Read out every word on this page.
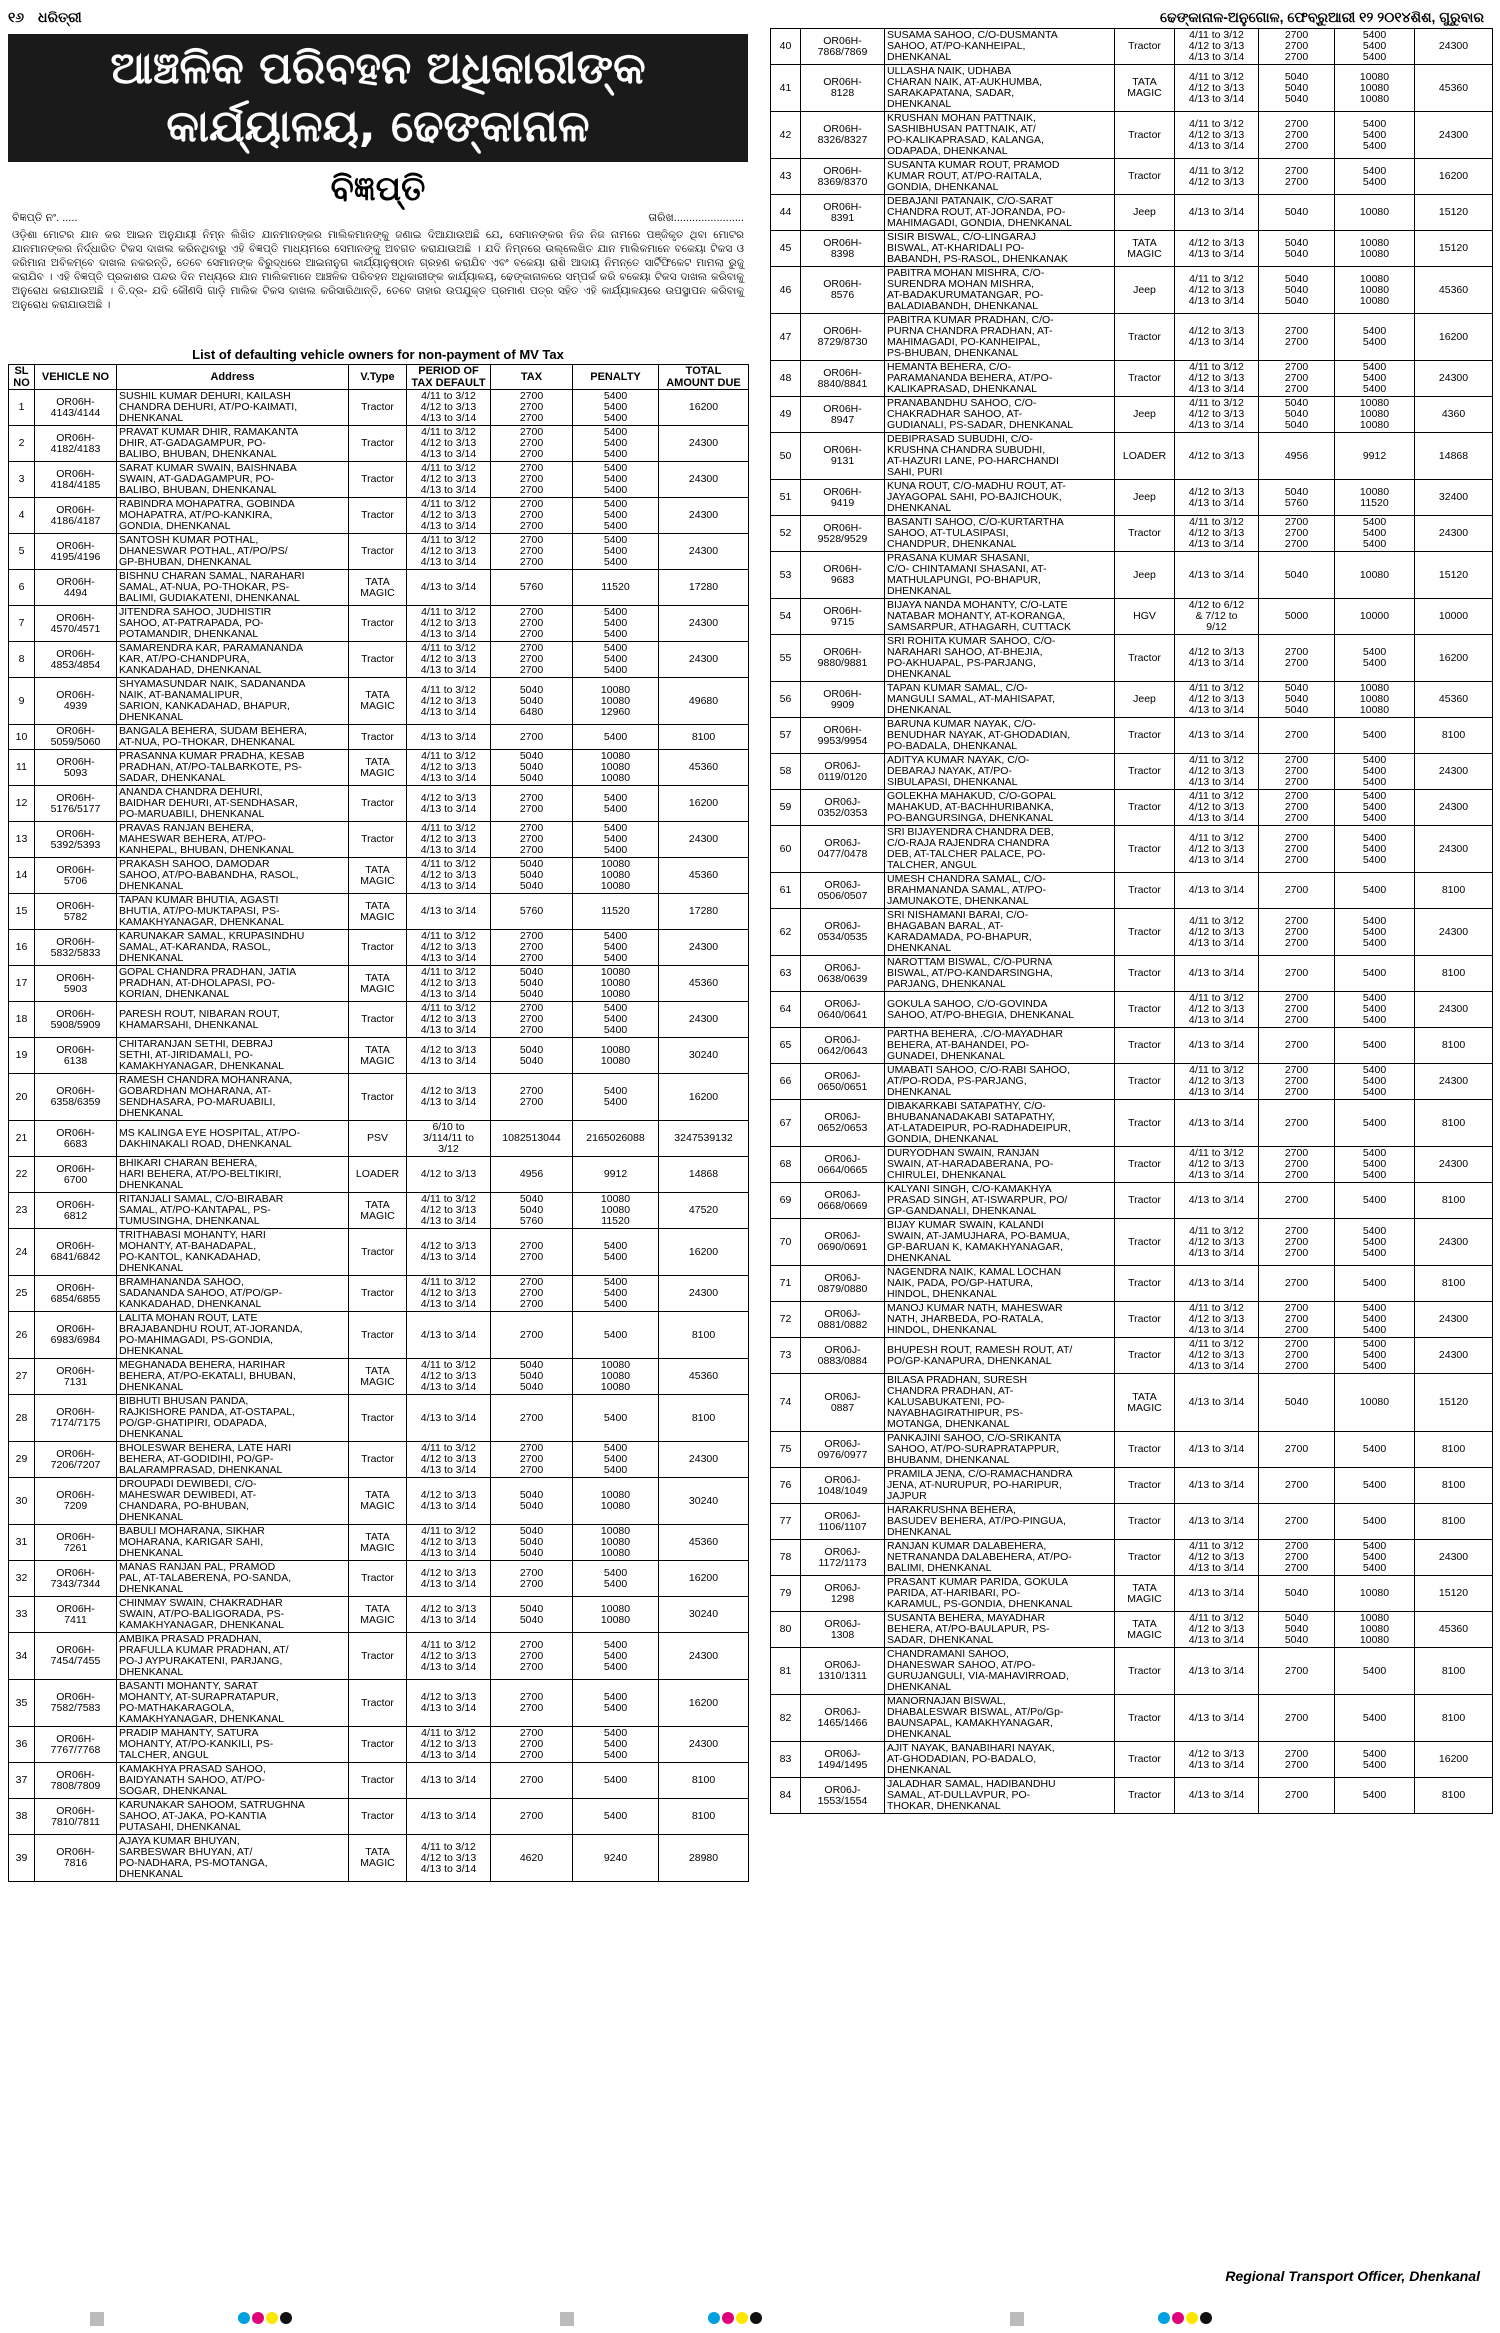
୧୬ ଧରିତ୍ରୀ
ଆଞ୍ଚଳିକ ପରିବହନ ଅଧିକାରୀଙ୍କ
କାର୍ଯ୍ୟାଳୟ, ଢେଙ୍କାନାଳ
ବିଜ୍ଞପ୍ତି
ବିଜ୍ଞପ୍ତି ନଂ. .....	ତାରିଖ.......................
ଓଡ଼ିଶା ମୋଟର ଯାନ କର ଆଇନ ଅନୁଯାୟୀ ନିମ୍ନ ଲିଖିତ ଯାନମାନଙ୍କର ମାଲିକମାନଙ୍କୁ ଜଣାଇ ଦିଆଯାଉଅଛି ଯେ, ସେମାନଙ୍କର ନିଜ ନିଜ ନାମରେ ପଞ୍ଜିକୃତ ଥିବା ମୋଟର ଯାନମାନଙ୍କର ନିର୍ଦ୍ଧାରିତ ଟିକସ ଦାଖଲ କରିନଥିବାରୁ ଏହି ବିଜ୍ଞପ୍ତି ମାଧ୍ୟମରେ ସେମାନଙ୍କୁ ଅବଗତ କରାଯାଉଅଛି । ଯଦି ନିମ୍ନରେ ଉଲ୍ଲେଖିତ ଯାନ ମାଲିକମାନେ ବକେୟା ଟିକସ ଓ ଜରିମାନା ଅବିଳମ୍ବେ ଦାଖଲ ନକରନ୍ତି, ତେବେ ସେମାନଙ୍କ ବିରୁଦ୍ଧରେ ଆଇନାନୁଗ କାର୍ଯ୍ୟାନୁଷ୍ଠାନ ଗ୍ରହଣ କରାଯିବ ଏବଂ ବକେୟା ରାଶି ଆଦାୟ ନିମନ୍ତେ ସାର୍ଟିଫିକେଟ ମାମଲା ରୁଜୁ କରାଯିବ । ଏହି ବିଜ୍ଞପ୍ତି ପ୍ରକାଶର ପନ୍ଦର ଦିନ ମଧ୍ୟରେ ଯାନ ମାଲିକମାନେ ଆଞ୍ଚଳିକ ପରିବହନ ଅଧିକାରୀଙ୍କ କାର୍ଯ୍ୟାଳୟ, ଢେଙ୍କାନାଳରେ ସମ୍ପର୍କ କରି ବକେୟା ଟିକସ ଦାଖଲ କରିବାକୁ ଅନୁରୋଧ କରାଯାଉଅଛି । ବି.ଦ୍ର- ଯଦି କୌଣସି ଗାଡ଼ି ମାଲିକ ଟିକସ ଦାଖଲ କରିସାରିଥାନ୍ତି, ତେବେ ତାହାର ଉପଯୁକ୍ତ ପ୍ରମାଣ ପତ୍ର ସହିତ ଏହି କାର୍ଯ୍ୟାଳୟରେ ଉପସ୍ଥାପନ କରିବାକୁ ଅନୁରୋଧ କରାଯାଉଅଛି ।
List of defaulting vehicle owners for non-payment of MV Tax
SL NO	VEHICLE NO	Address	V.Type	PERIOD OF TAX DEFAULT	TAX	PENALTY	TOTAL AMOUNT DUE

1	OR06H-
4143/4144	SUSHIL KUMAR DEHURI, KAILASH
CHANDRA DEHURI, AT/PO-KAIMATI,
DHENKANAL	Tractor	4/11 to 3/12
4/12 to 3/13
4/13 to 3/14	2700
2700
2700	5400
5400
5400	16200

2	OR06H-
4182/4183	PRAVAT KUMAR DHIR, RAMAKANTA
DHIR, AT-GADAGAMPUR, PO-
BALIBO, BHUBAN, DHENKANAL	Tractor	4/11 to 3/12
4/12 to 3/13
4/13 to 3/14	2700
2700
2700	5400
5400
5400	24300

3	OR06H-
4184/4185	SARAT KUMAR SWAIN, BAISHNABA
SWAIN, AT-GADAGAMPUR, PO-
BALIBO, BHUBAN, DHENKANAL	Tractor	4/11 to 3/12
4/12 to 3/13
4/13 to 3/14	2700
2700
2700	5400
5400
5400	24300

4	OR06H-
4186/4187	RABINDRA MOHAPATRA, GOBINDA
MOHAPATRA, AT/PO-KANKIRA,
GONDIA, DHENKANAL	Tractor	4/11 to 3/12
4/12 to 3/13
4/13 to 3/14	2700
2700
2700	5400
5400
5400	24300

5	OR06H-
4195/4196	SANTOSH KUMAR POTHAL,
DHANESWAR POTHAL, AT/PO/PS/
GP-BHUBAN, DHENKANAL	Tractor	4/11 to 3/12
4/12 to 3/13
4/13 to 3/14	2700
2700
2700	5400
5400
5400	24300

6	OR06H-
4494	BISHNU CHARAN SAMAL, NARAHARI
SAMAL, AT-NUA, PO-THOKAR, PS-
BALIMI, GUDIAKATENI, DHENKANAL	TATA
MAGIC	4/13 to 3/14	5760	11520	17280

7	OR06H-
4570/4571	JITENDRA SAHOO, JUDHISTIR
SAHOO, AT-PATRAPADA, PO-
POTAMANDIR, DHENKANAL	Tractor	4/11 to 3/12
4/12 to 3/13
4/13 to 3/14	2700
2700
2700	5400
5400
5400	24300

8	OR06H-
4853/4854	SAMARENDRA KAR, PARAMANANDA
KAR, AT/PO-CHANDPURA,
KANKADAHAD, DHENKANAL	Tractor	4/11 to 3/12
4/12 to 3/13
4/13 to 3/14	2700
2700
2700	5400
5400
5400	24300

9	OR06H-
4939	SHYAMASUNDAR NAIK, SADANANDA
NAIK, AT-BANAMALIPUR,
SARION, KANKADAHAD, BHAPUR,
DHENKANAL	TATA
MAGIC	4/11 to 3/12
4/12 to 3/13
4/13 to 3/14	5040
5040
6480	10080
10080
12960	49680

10	OR06H-
5059/5060	BANGALA BEHERA, SUDAM BEHERA,
AT-NUA, PO-THOKAR, DHENKANAL	Tractor	4/13 to 3/14	2700	5400	8100

11	OR06H-
5093	PRASANNA KUMAR PRADHA, KESAB
PRADHAN, AT/PO-TALBARKOTE, PS-
SADAR, DHENKANAL	TATA
MAGIC	4/11 to 3/12
4/12 to 3/13
4/13 to 3/14	5040
5040
5040	10080
10080
10080	45360

12	OR06H-
5176/5177	ANANDA CHANDRA DEHURI,
BAIDHAR DEHURI, AT-SENDHASAR,
PO-MARUABILI, DHENKANAL	Tractor	4/12 to 3/13
4/13 to 3/14	2700
2700	5400
5400	16200

13	OR06H-
5392/5393	PRAVAS RANJAN BEHERA,
MAHESWAR BEHERA, AT/PO-
KANHEPAL, BHUBAN, DHENKANAL	Tractor	4/11 to 3/12
4/12 to 3/13
4/13 to 3/14	2700
2700
2700	5400
5400
5400	24300

14	OR06H-
5706	PRAKASH SAHOO, DAMODAR
SAHOO, AT/PO-BABANDHA, RASOL,
DHENKANAL	TATA
MAGIC	4/11 to 3/12
4/12 to 3/13
4/13 to 3/14	5040
5040
5040	10080
10080
10080	45360

15	OR06H-
5782	TAPAN KUMAR BHUTIA, AGASTI
BHUTIA, AT/PO-MUKTAPASI, PS-
KAMAKHYANAGAR, DHENKANAL	TATA
MAGIC	4/13 to 3/14	5760	11520	17280

16	OR06H-
5832/5833	KARUNAKAR SAMAL, KRUPASINDHU
SAMAL, AT-KARANDA, RASOL,
DHENKANAL	Tractor	4/11 to 3/12
4/12 to 3/13
4/13 to 3/14	2700
2700
2700	5400
5400
5400	24300

17	OR06H-
5903	GOPAL CHANDRA PRADHAN, JATIA
PRADHAN, AT-DHOLAPASI, PO-
KORIAN, DHENKANAL	TATA
MAGIC	4/11 to 3/12
4/12 to 3/13
4/13 to 3/14	5040
5040
5040	10080
10080
10080	45360

18	OR06H-
5908/5909	PARESH ROUT, NIBARAN ROUT,
KHAMARSAHI, DHENKANAL	Tractor	4/11 to 3/12
4/12 to 3/13
4/13 to 3/14	2700
2700
2700	5400
5400
5400	24300

19	OR06H-
6138	CHITARANJAN SETHI, DEBRAJ
SETHI, AT-JIRIDAMALI, PO-
KAMAKHYANAGAR, DHENKANAL	TATA
MAGIC	4/12 to 3/13
4/13 to 3/14	5040
5040	10080
10080	30240

20	OR06H-
6358/6359	RAMESH CHANDRA MOHANRANA,
GOBARDHAN MOHARANA, AT-
SENDHASARA, PO-MARUABILI,
DHENKANAL	Tractor	4/12 to 3/13
4/13 to 3/14	2700
2700	5400
5400	16200

21	OR06H-
6683	MS KALINGA EYE HOSPITAL, AT/PO-
DAKHINAKALI ROAD, DHENKANAL	PSV	6/10 to
3/114/11 to
3/12	1082513044	2165026088	3247539132

22	OR06H-
6700	BHIKARI CHARAN BEHERA,
HARI BEHERA, AT/PO-BELTIKIRI,
DHENKANAL	LOADER	4/12 to 3/13	4956	9912	14868

23	OR06H-
6812	RITANJALI SAMAL, C/O-BIRABAR
SAMAL, AT/PO-KANTAPAL, PS-
TUMUSINGHA, DHENKANAL	TATA
MAGIC	4/11 to 3/12
4/12 to 3/13
4/13 to 3/14	5040
5040
5760	10080
10080
11520	47520

24	OR06H-
6841/6842	TRITHABASI MOHANTY, HARI
MOHANTY, AT-BAHADAPAL,
PO-KANTOL, KANKADAHAD,
DHENKANAL	Tractor	4/12 to 3/13
4/13 to 3/14	2700
2700	5400
5400	16200

25	OR06H-
6854/6855	BRAMHANANDA SAHOO,
SADANANDA SAHOO, AT/PO/GP-
KANKADAHAD, DHENKANAL	Tractor	4/11 to 3/12
4/12 to 3/13
4/13 to 3/14	2700
2700
2700	5400
5400
5400	24300

26	OR06H-
6983/6984	LALITA MOHAN ROUT, LATE
BRAJABANDHU ROUT, AT-JORANDA,
PO-MAHIMAGADI, PS-GONDIA,
DHENKANAL	Tractor	4/13 to 3/14	2700	5400	8100

27	OR06H-
7131	MEGHANADA BEHERA, HARIHAR
BEHERA, AT/PO-EKATALI, BHUBAN,
DHENKANAL	TATA
MAGIC	4/11 to 3/12
4/12 to 3/13
4/13 to 3/14	5040
5040
5040	10080
10080
10080	45360

28	OR06H-
7174/7175	BIBHUTI BHUSAN PANDA,
RAJKISHORE PANDA, AT-OSTAPAL,
PO/GP-GHATIPIRI, ODAPADA,
DHENKANAL	Tractor	4/13 to 3/14	2700	5400	8100

29	OR06H-
7206/7207	BHOLESWAR BEHERA, LATE HARI
BEHERA, AT-GODIDIHI, PO/GP-
BALARAMPRASAD, DHENKANAL	Tractor	4/11 to 3/12
4/12 to 3/13
4/13 to 3/14	2700
2700
2700	5400
5400
5400	24300

30	OR06H-
7209	DROUPADI DEWIBEDI, C/O-
MAHESWAR DEWIBEDI, AT-
CHANDARA, PO-BHUBAN,
DHENKANAL	TATA
MAGIC	4/12 to 3/13
4/13 to 3/14	5040
5040	10080
10080	30240

31	OR06H-
7261	BABULI MOHARANA, SIKHAR
MOHARANA, KARIGAR SAHI,
DHENKANAL	TATA
MAGIC	4/11 to 3/12
4/12 to 3/13
4/13 to 3/14	5040
5040
5040	10080
10080
10080	45360

32	OR06H-
7343/7344	MANAS RANJAN PAL, PRAMOD
PAL, AT-TALABERENA, PO-SANDA,
DHENKANAL	Tractor	4/12 to 3/13
4/13 to 3/14	2700
2700	5400
5400	16200

33	OR06H-
7411	CHINMAY SWAIN, CHAKRADHAR
SWAIN, AT/PO-BALIGORADA, PS-
KAMAKHYANAGAR, DHENKANAL	TATA
MAGIC	4/12 to 3/13
4/13 to 3/14	5040
5040	10080
10080	30240

34	OR06H-
7454/7455	AMBIKA PRASAD PRADHAN,
PRAFULLA KUMAR PRADHAN, AT/
PO-J AYPURAKATENI, PARJANG,
DHENKANAL	Tractor	4/11 to 3/12
4/12 to 3/13
4/13 to 3/14	2700
2700
2700	5400
5400
5400	24300

35	OR06H-
7582/7583	BASANTI MOHANTY, SARAT
MOHANTY, AT-SURAPRATAPUR,
PO-MATHAKARAGOLA,
KAMAKHYANAGAR, DHENKANAL	Tractor	4/12 to 3/13
4/13 to 3/14	2700
2700	5400
5400	16200

36	OR06H-
7767/7768	PRADIP MAHANTY, SATURA
MOHANTY, AT/PO-KANKILI, PS-
TALCHER, ANGUL	Tractor	4/11 to 3/12
4/12 to 3/13
4/13 to 3/14	2700
2700
2700	5400
5400
5400	24300

37	OR06H-
7808/7809	KAMAKHYA PRASAD SAHOO,
BAIDYANATH SAHOO, AT/PO-
SOGAR, DHENKANAL	Tractor	4/13 to 3/14	2700	5400	8100

38	OR06H-
7810/7811	KARUNAKAR SAHOOM, SATRUGHNA
SAHOO, AT-JAKA, PO-KANTIA
PUTASAHI, DHENKANAL	Tractor	4/13 to 3/14	2700	5400	8100

39	OR06H-
7816	AJAYA KUMAR BHUYAN,
SARBESWAR BHUYAN, AT/
PO-NADHARA, PS-MOTANGA,
DHENKANAL	TATA
MAGIC	4/11 to 3/12
4/12 to 3/13
4/13 to 3/14	4620	9240	28980
ଢେଙ୍କାନାଳ-ଅନୁଗୋଳ, ଫେବ୍ରୁଆରୀ ୧୨ ୨୦୧୪ଶିଶ, ଗୁରୁବାର
40	OR06H-
7868/7869	SUSAMA SAHOO, C/O-DUSMANTA
SAHOO, AT/PO-KANHEIPAL,
DHENKANAL	Tractor	4/11 to 3/12
4/12 to 3/13
4/13 to 3/14	2700
2700
2700	5400
5400
5400	24300

41	OR06H-
8128	ULLASHA NAIK, UDHABA
CHARAN NAIK, AT-AUKHUMBA,
SARAKAPATANA, SADAR,
DHENKANAL	TATA
MAGIC	4/11 to 3/12
4/12 to 3/13
4/13 to 3/14	5040
5040
5040	10080
10080
10080	45360

42	OR06H-
8326/8327	KRUSHAN MOHAN PATTNAIK,
SASHIBHUSAN PATTNAIK, AT/
PO-KALIKAPRASAD, KALANGA,
ODAPADA, DHENKANAL	Tractor	4/11 to 3/12
4/12 to 3/13
4/13 to 3/14	2700
2700
2700	5400
5400
5400	24300

43	OR06H-
8369/8370	SUSANTA KUMAR ROUT, PRAMOD
KUMAR ROUT, AT/PO-RAITALA,
GONDIA, DHENKANAL	Tractor	4/11 to 3/12
4/12 to 3/13	2700
2700	5400
5400	16200

44	OR06H-
8391	DEBAJANI PATANAIK, C/O-SARAT
CHANDRA ROUT, AT-JORANDA, PO-
MAHIMAGADI, GONDIA, DHENKANAL	Jeep	4/13 to 3/14	5040	10080	15120

45	OR06H-
8398	SISIR BISWAL, C/O-LINGARAJ
BISWAL, AT-KHARIDALI PO-
BABANDH, PS-RASOL, DHENKANAK	TATA
MAGIC	4/12 to 3/13
4/13 to 3/14	5040
5040	10080
10080	15120

46	OR06H-
8576	PABITRA MOHAN MISHRA, C/O-
SURENDRA MOHAN MISHRA,
AT-BADAKURUMATANGAR, PO-
BALADIABANDH, DHENKANAL	Jeep	4/11 to 3/12
4/12 to 3/13
4/13 to 3/14	5040
5040
5040	10080
10080
10080	45360

47	OR06H-
8729/8730	PABITRA KUMAR PRADHAN, C/O-
PURNA CHANDRA PRADHAN, AT-
MAHIMAGADI, PO-KANHEIPAL,
PS-BHUBAN, DHENKANAL	Tractor	4/12 to 3/13
4/13 to 3/14	2700
2700	5400
5400	16200

48	OR06H-
8840/8841	HEMANTA BEHERA, C/O-
PARAMANANDA BEHERA, AT/PO-
KALIKAPRASAD, DHENKANAL	Tractor	4/11 to 3/12
4/12 to 3/13
4/13 to 3/14	2700
2700
2700	5400
5400
5400	24300

49	OR06H-
8947	PRANABANDHU SAHOO, C/O-
CHAKRADHAR SAHOO, AT-
GUDIANALI, PS-SADAR, DHENKANAL	Jeep	4/11 to 3/12
4/12 to 3/13
4/13 to 3/14	5040
5040
5040	10080
10080
10080	4360

50	OR06H-
9131	DEBIPRASAD SUBUDHI, C/O-
KRUSHNA CHANDRA SUBUDHI,
AT-HAZURI LANE, PO-HARCHANDI
SAHI, PURI	LOADER	4/12 to 3/13	4956	9912	14868

51	OR06H-
9419	KUNA ROUT, C/O-MADHU ROUT, AT-
JAYAGOPAL SAHI, PO-BAJICHOUK,
DHENKANAL	Jeep	4/12 to 3/13
4/13 to 3/14	5040
5760	10080
11520	32400

52	OR06H-
9528/9529	BASANTI SAHOO, C/O-KURTARTHA
SAHOO, AT-TULASIPASI,
CHANDPUR, DHENKANAL	Tractor	4/11 to 3/12
4/12 to 3/13
4/13 to 3/14	2700
2700
2700	5400
5400
5400	24300

53	OR06H-
9683	PRASANA KUMAR SHASANI,
C/O- CHINTAMANI SHASANI, AT-
MATHULAPUNGI, PO-BHAPUR,
DHENKANAL	Jeep	4/13 to 3/14	5040	10080	15120

54	OR06H-
9715	BIJAYA NANDA MOHANTY, C/O-LATE
NATABAR MOHANTY, AT-KORANGA,
SAMSARPUR, ATHAGARH, CUTTACK	HGV	4/12 to 6/12
& 7/12 to
9/12	5000	10000	10000

55	OR06H-
9880/9881	SRI ROHITA KUMAR SAHOO, C/O-
NARAHARI SAHOO, AT-BHEJIA,
PO-AKHUAPAL, PS-PARJANG,
DHENKANAL	Tractor	4/12 to 3/13
4/13 to 3/14	2700
2700	5400
5400	16200

56	OR06H-
9909	TAPAN KUMAR SAMAL, C/O-
MANGULI SAMAL, AT-MAHISAPAT,
DHENKANAL	Jeep	4/11 to 3/12
4/12 to 3/13
4/13 to 3/14	5040
5040
5040	10080
10080
10080	45360

57	OR06H-
9953/9954	BARUNA KUMAR NAYAK, C/O-
BENUDHAR NAYAK, AT-GHODADIAN,
PO-BADALA, DHENKANAL	Tractor	4/13 to 3/14	2700	5400	8100

58	OR06J-
0119/0120	ADITYA KUMAR NAYAK, C/O-
DEBARAJ NAYAK, AT/PO-
SIBULAPASI, DHENKANAL	Tractor	4/11 to 3/12
4/12 to 3/13
4/13 to 3/14	2700
2700
2700	5400
5400
5400	24300

59	OR06J-
0352/0353	GOLEKHA MAHAKUD, C/O-GOPAL
MAHAKUD, AT-BACHHURIBANKA,
PO-BANGURSINGA, DHENKANAL	Tractor	4/11 to 3/12
4/12 to 3/13
4/13 to 3/14	2700
2700
2700	5400
5400
5400	24300

60	OR06J-
0477/0478	SRI BIJAYENDRA CHANDRA DEB,
C/O-RAJA RAJENDRA CHANDRA
DEB, AT-TALCHER PALACE, PO-
TALCHER, ANGUL	Tractor	4/11 to 3/12
4/12 to 3/13
4/13 to 3/14	2700
2700
2700	5400
5400
5400	24300

61	OR06J-
0506/0507	UMESH CHANDRA SAMAL, C/O-
BRAHMANANDA SAMAL, AT/PO-
JAMUNAKOTE, DHENKANAL	Tractor	4/13 to 3/14	2700	5400	8100

62	OR06J-
0534/0535	SRI NISHAMANI BARAI, C/O-
BHAGABAN BARAL, AT-
KARADAMADA, PO-BHAPUR,
DHENKANAL	Tractor	4/11 to 3/12
4/12 to 3/13
4/13 to 3/14	2700
2700
2700	5400
5400
5400	24300

63	OR06J-
0638/0639	NAROTTAM BISWAL, C/O-PURNA
BISWAL, AT/PO-KANDARSINGHA,
PARJANG, DHENKANAL	Tractor	4/13 to 3/14	2700	5400	8100

64	OR06J-
0640/0641	GOKULA SAHOO, C/O-GOVINDA
SAHOO, AT/PO-BHEGIA, DHENKANAL	Tractor	4/11 to 3/12
4/12 to 3/13
4/13 to 3/14	2700
2700
2700	5400
5400
5400	24300

65	OR06J-
0642/0643	PARTHA BEHERA, .C/O-MAYADHAR
BEHERA, AT-BAHANDEI, PO-
GUNADEI, DHENKANAL	Tractor	4/13 to 3/14	2700	5400	8100

66	OR06J-
0650/0651	UMABATI SAHOO, C/O-RABI SAHOO,
AT/PO-RODA, PS-PARJANG,
DHENKANAL	Tractor	4/11 to 3/12
4/12 to 3/13
4/13 to 3/14	2700
2700
2700	5400
5400
5400	24300

67	OR06J-
0652/0653	DIBAKARKABI SATAPATHY, C/O-
BHUBANANADAKABI SATAPATHY,
AT-LATADEIPUR, PO-RADHADEIPUR,
GONDIA, DHENKANAL	Tractor	4/13 to 3/14	2700	5400	8100

68	OR06J-
0664/0665	DURYODHAN SWAIN, RANJAN
SWAIN, AT-HARADABERANA, PO-
CHIRULEI, DHENKANAL	Tractor	4/11 to 3/12
4/12 to 3/13
4/13 to 3/14	2700
2700
2700	5400
5400
5400	24300

69	OR06J-
0668/0669	KALYANI SINGH, C/O-KAMAKHYA
PRASAD SINGH, AT-ISWARPUR, PO/
GP-GANDANALI, DHENKANAL	Tractor	4/13 to 3/14	2700	5400	8100

70	OR06J-
0690/0691	BIJAY KUMAR SWAIN, KALANDI
SWAIN, AT-JAMUJHARA, PO-BAMUA,
GP-BARUAN K, KAMAKHYANAGAR,
DHENKANAL	Tractor	4/11 to 3/12
4/12 to 3/13
4/13 to 3/14	2700
2700
2700	5400
5400
5400	24300

71	OR06J-
0879/0880	NAGENDRA NAIK, KAMAL LOCHAN
NAIK, PADA, PO/GP-HATURA,
HINDOL, DHENKANAL	Tractor	4/13 to 3/14	2700	5400	8100

72	OR06J-
0881/0882	MANOJ KUMAR NATH, MAHESWAR
NATH, JHARBEDA, PO-RATALA,
HINDOL, DHENKANAL	Tractor	4/11 to 3/12
4/12 to 3/13
4/13 to 3/14	2700
2700
2700	5400
5400
5400	24300

73	OR06J-
0883/0884	BHUPESH ROUT, RAMESH ROUT, AT/
PO/GP-KANAPURA, DHENKANAL	Tractor	4/11 to 3/12
4/12 to 3/13
4/13 to 3/14	2700
2700
2700	5400
5400
5400	24300

74	OR06J-
0887	BILASA PRADHAN, SURESH
CHANDRA PRADHAN, AT-
KALUSABUKATENI, PO-
NAYABHAGIRATHIPUR, PS-
MOTANGA, DHENKANAL	TATA
MAGIC	4/13 to 3/14	5040	10080	15120

75	OR06J-
0976/0977	PANKAJINI SAHOO, C/O-SRIKANTA
SAHOO, AT/PO-SURAPRATAPPUR,
BHUBANM, DHENKANAL	Tractor	4/13 to 3/14	2700	5400	8100

76	OR06J-
1048/1049	PRAMILA JENA, C/O-RAMACHANDRA
JENA, AT-NURUPUR, PO-HARIPUR,
JAJPUR	Tractor	4/13 to 3/14	2700	5400	8100

77	OR06J-
1106/1107	HARAKRUSHNA BEHERA,
BASUDEV BEHERA, AT/PO-PINGUA,
DHENKANAL	Tractor	4/13 to 3/14	2700	5400	8100

78	OR06J-
1172/1173	RANJAN KUMAR DALABEHERA,
NETRANANDA DALABEHERA, AT/PO-
BALIMI, DHENKANAL	Tractor	4/11 to 3/12
4/12 to 3/13
4/13 to 3/14	2700
2700
2700	5400
5400
5400	24300

79	OR06J-
1298	PRASANT KUMAR PARIDA, GOKULA
PARIDA, AT-HARIBARI, PO-
KARAMUL, PS-GONDIA, DHENKANAL	TATA
MAGIC	4/13 to 3/14	5040	10080	15120

80	OR06J-
1308	SUSANTA BEHERA, MAYADHAR
BEHERA, AT/PO-BAULAPUR, PS-
SADAR, DHENKANAL	TATA
MAGIC	4/11 to 3/12
4/12 to 3/13
4/13 to 3/14	5040
5040
5040	10080
10080
10080	45360

81	OR06J-
1310/1311	CHANDRAMANI SAHOO,
DHANESWAR SAHOO, AT/PO-
GURUJANGULI, VIA-MAHAVIRROAD,
DHENKANAL	Tractor	4/13 to 3/14	2700	5400	8100

82	OR06J-
1465/1466	MANORNAJAN BISWAL,
DHABALESWAR BISWAL, AT/Po/Gp-
BAUNSAPAL, KAMAKHYANAGAR,
DHENKANAL	Tractor	4/13 to 3/14	2700	5400	8100

83	OR06J-
1494/1495	AJIT NAYAK, BANABIHARI NAYAK,
AT-GHODADIAN, PO-BADALO,
DHENKANAL	Tractor	4/12 to 3/13
4/13 to 3/14	2700
2700	5400
5400	16200

84	OR06J-
1553/1554	JALADHAR SAMAL, HADIBANDHU
SAMAL, AT-DULLAVPUR, PO-
THOKAR, DHENKANAL	Tractor	4/13 to 3/14	2700	5400	8100
Regional Transport Officer, Dhenkanal
